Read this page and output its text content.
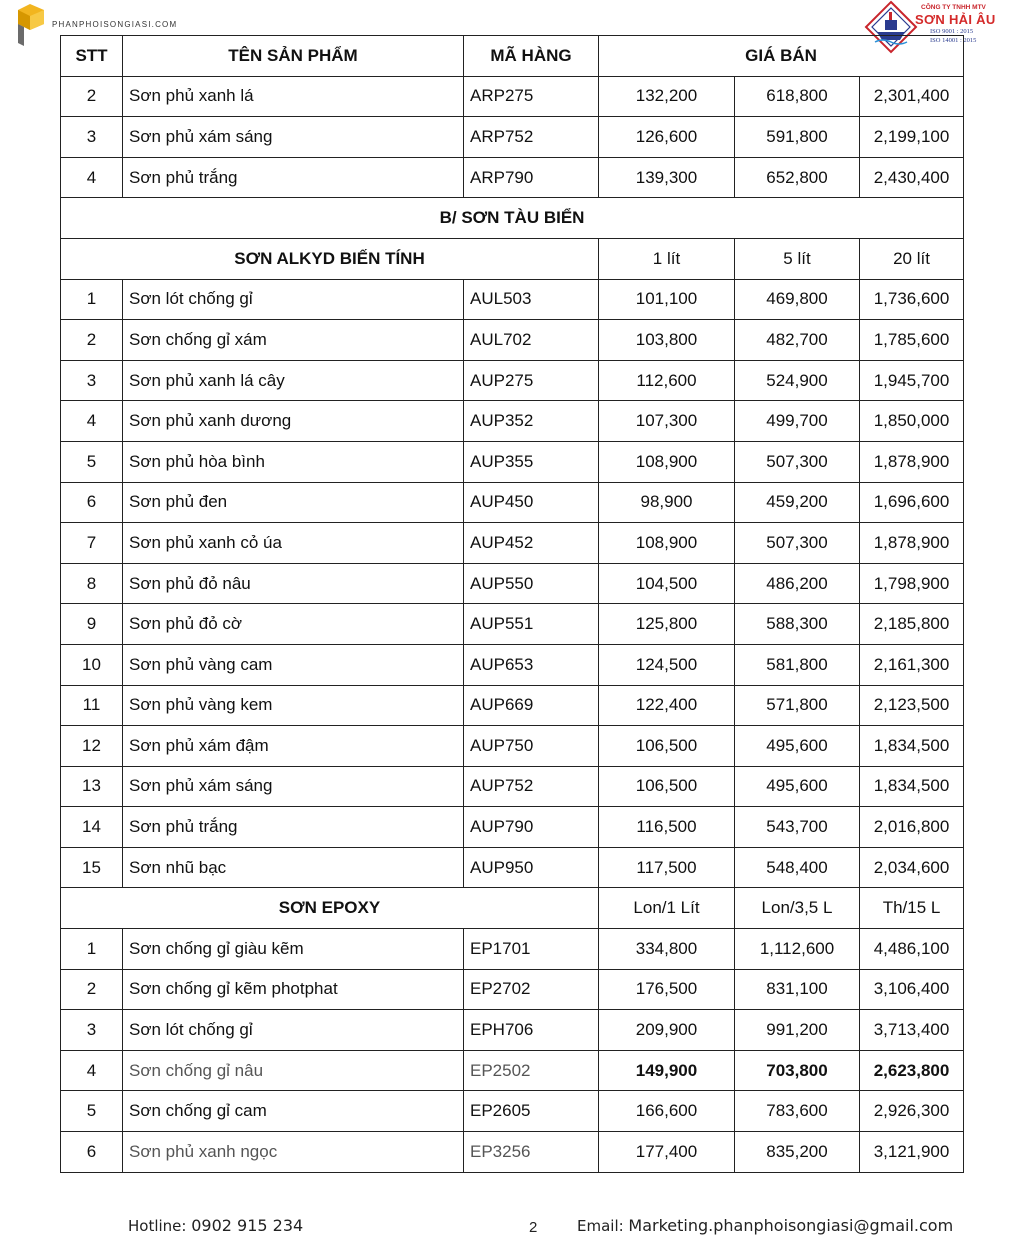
PHANPHOISONGIASI.COM
CÔNG TY TNHH MTV
SƠN HẢI ÂU
ISO 9001 : 2015
ISO 14001 : 2015
STT	TÊN SẢN PHẨM	MÃ HÀNG	GIÁ BÁN		
2	Sơn phủ xanh lá	ARP275	132,200	618,800	2,301,400
3	Sơn phủ xám sáng	ARP752	126,600	591,800	2,199,100
4	Sơn phủ trắng	ARP790	139,300	652,800	2,430,400
B/ SƠN TÀU BIỂN					
SƠN ALKYD BIẾN TÍNH			1 lít	5 lít	20 lít
1	Sơn lót chống gỉ	AUL503	101,100	469,800	1,736,600
2	Sơn chống gỉ xám	AUL702	103,800	482,700	1,785,600
3	Sơn phủ xanh lá cây	AUP275	112,600	524,900	1,945,700
4	Sơn phủ xanh dương	AUP352	107,300	499,700	1,850,000
5	Sơn phủ hòa bình	AUP355	108,900	507,300	1,878,900
6	Sơn phủ đen	AUP450	98,900	459,200	1,696,600
7	Sơn phủ xanh cỏ úa	AUP452	108,900	507,300	1,878,900
8	Sơn phủ đỏ nâu	AUP550	104,500	486,200	1,798,900
9	Sơn phủ đỏ cờ	AUP551	125,800	588,300	2,185,800
10	Sơn phủ vàng cam	AUP653	124,500	581,800	2,161,300
11	Sơn phủ vàng kem	AUP669	122,400	571,800	2,123,500
12	Sơn phủ xám đậm	AUP750	106,500	495,600	1,834,500
13	Sơn phủ xám sáng	AUP752	106,500	495,600	1,834,500
14	Sơn phủ trắng	AUP790	116,500	543,700	2,016,800
15	Sơn nhũ bạc	AUP950	117,500	548,400	2,034,600
SƠN EPOXY			Lon/1 Lít	Lon/3,5 L	Th/15 L
1	Sơn chống gỉ giàu kẽm	EP1701	334,800	1,112,600	4,486,100
2	Sơn chống gỉ kẽm photphat	EP2702	176,500	831,100	3,106,400
3	Sơn lót chống gỉ	EPH706	209,900	991,200	3,713,400
4	Sơn chống gỉ nâu	EP2502	149,900	703,800	2,623,800
5	Sơn chống gỉ cam	EP2605	166,600	783,600	2,926,300
6	Sơn phủ xanh ngọc	EP3256	177,400	835,200	3,121,900
Hotline: 0902 915 234	2	Email: Marketing.phanphoisongiasi@gmail.com
